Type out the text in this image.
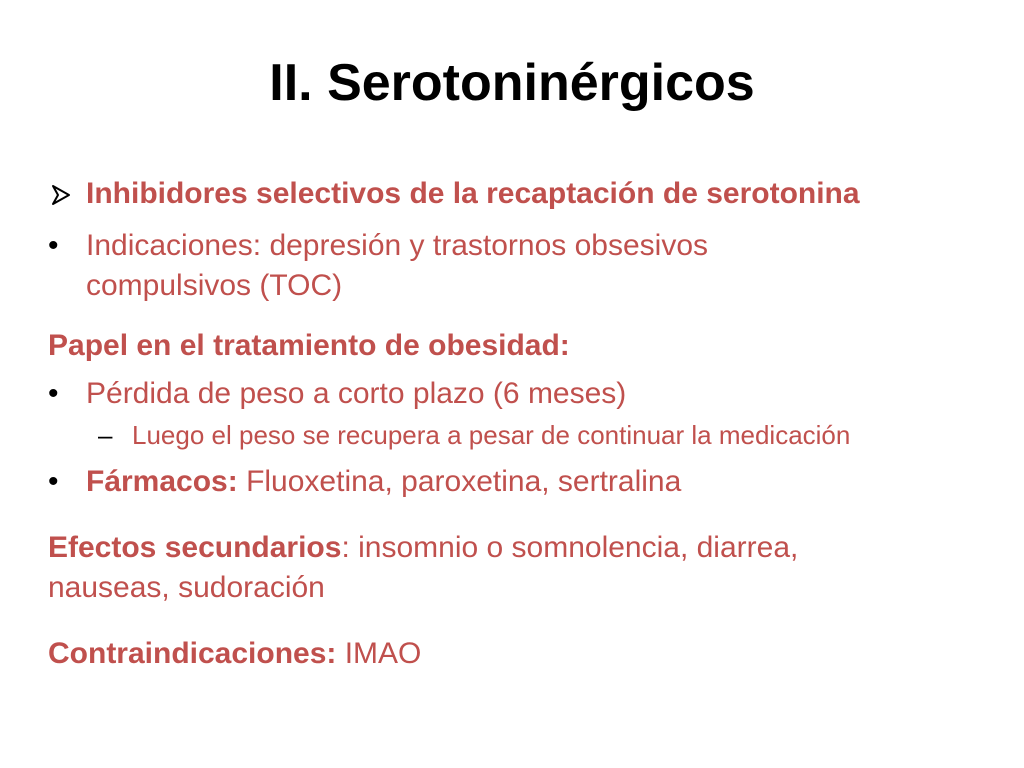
II. Serotoninérgicos
Inhibidores selectivos de la recaptación de serotonina
• Indicaciones: depresión y trastornos obsesivos
compulsivos (TOC)
Papel en el tratamiento de obesidad:
• Pérdida de peso a corto plazo (6 meses)
– Luego el peso se recupera a pesar de continuar la medicación
• Fármacos: Fluoxetina, paroxetina, sertralina
Efectos secundarios: insomnio o somnolencia, diarrea,
nauseas, sudoración
Contraindicaciones: IMAO
